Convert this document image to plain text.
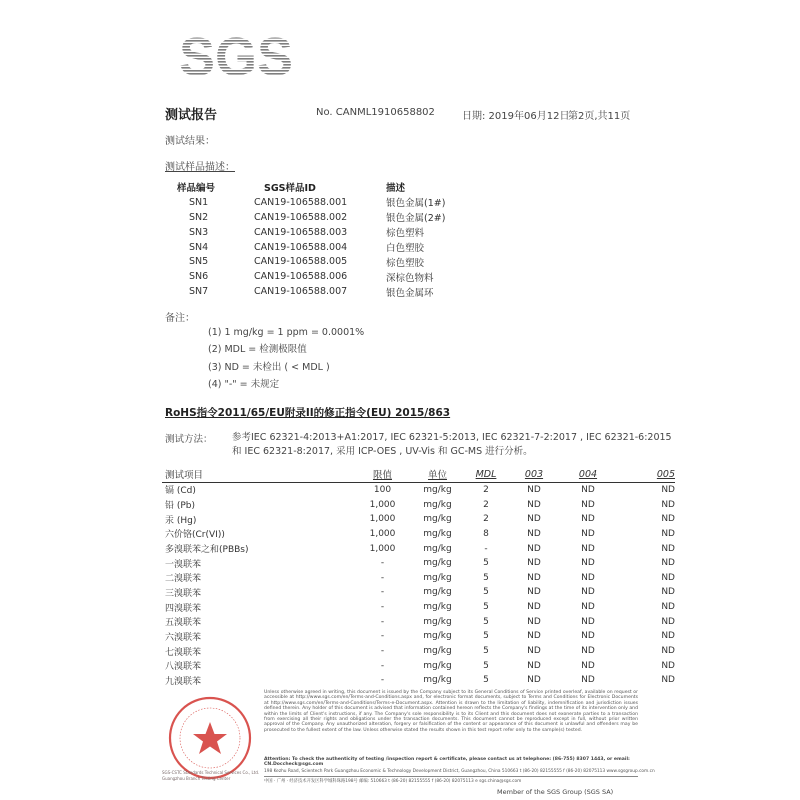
SGS
测试报告	No. CANML1910658802	日期: 2019年06月12日
第2页,共11页
测试结果：
测试样品描述：
样品编号	SGS样品ID	描述
SN1	CAN19-106588.001	银色金属(1#)
SN2	CAN19-106588.002	银色金属(2#)
SN3	CAN19-106588.003	棕色塑料
SN4	CAN19-106588.004	白色塑胶
SN5	CAN19-106588.005	棕色塑胶
SN6	CAN19-106588.006	深棕色物料
SN7	CAN19-106588.007	银色金属环
备注：
(1) 1 mg/kg = 1 ppm = 0.0001%
(2) MDL = 检测极限值
(3) ND = 未检出 ( < MDL )
(4) "-" = 未规定
RoHS指令2011/65/EU附录II的修正指令(EU) 2015/863
测试方法： 参考IEC 62321-4:2013+A1:2017, IEC 62321-5:2013, IEC 62321-7-2:2017 , IEC 62321-6:2015 和 IEC 62321-8:2017, 采用 ICP-OES , UV-Vis 和 GC-MS 进行分析。
测试项目	限值	单位	MDL	003	004	005
镉 (Cd)	100	mg/kg	2	ND	ND	ND
铅 (Pb)	1,000	mg/kg	2	ND	ND	ND
汞 (Hg)	1,000	mg/kg	2	ND	ND	ND
六价铬(Cr(VI))	1,000	mg/kg	8	ND	ND	ND
多溴联苯之和(PBBs)	1,000	mg/kg	-	ND	ND	ND
一溴联苯	-	mg/kg	5	ND	ND	ND
二溴联苯	-	mg/kg	5	ND	ND	ND
三溴联苯	-	mg/kg	5	ND	ND	ND
四溴联苯	-	mg/kg	5	ND	ND	ND
五溴联苯	-	mg/kg	5	ND	ND	ND
六溴联苯	-	mg/kg	5	ND	ND	ND
七溴联苯	-	mg/kg	5	ND	ND	ND
八溴联苯	-	mg/kg	5	ND	ND	ND
九溴联苯	-	mg/kg	5	ND	ND	ND
SGS-CSTC Standards Technical Services Co., Ltd.
Guangzhou Branch Testing Center
Unless otherwise agreed in writing, this document is issued by the Company subject to its General Conditions of Service printed overleaf, available on request or accessible at http://www.sgs.com/en/Terms-and-Conditions.aspx and, for electronic format documents, subject to Terms and Conditions for Electronic Documents at http://www.sgs.com/en/Terms-and-Conditions/Terms-e-Document.aspx. Attention is drawn to the limitation of liability, indemnification and jurisdiction issues defined therein. Any holder of this document is advised that information contained hereon reflects the Company's findings at the time of its intervention only and within the limits of Client's instructions, if any. The Company's sole responsibility is to its Client and this document does not exonerate parties to a transaction from exercising all their rights and obligations under the transaction documents. This document cannot be reproduced except in full, without prior written approval of the Company. Any unauthorized alteration, forgery or falsification of the content or appearance of this document is unlawful and offenders may be prosecuted to the fullest extent of the law. Unless otherwise stated the results shown in this test report refer only to the sample(s) tested.
Attention: To check the authenticity of testing /inspection report & certificate, please contact us at telephone: (86-755) 8307 1443, or email: CN.Doccheck@sgs.com
198 Kezhu Road, Scientech Park Guangzhou Economic & Technology Development District, Guangzhou, China 510663 t (86-20) 82155555 f (86-20) 82075113 www.sgsgroup.com.cn
中国 · 广州 · 经济技术开发区科学城科珠路198号 邮编: 510663 t (86-20) 82155555 f (86-20) 82075113 e sgs.china@sgs.com
Member of the SGS Group (SGS SA)
